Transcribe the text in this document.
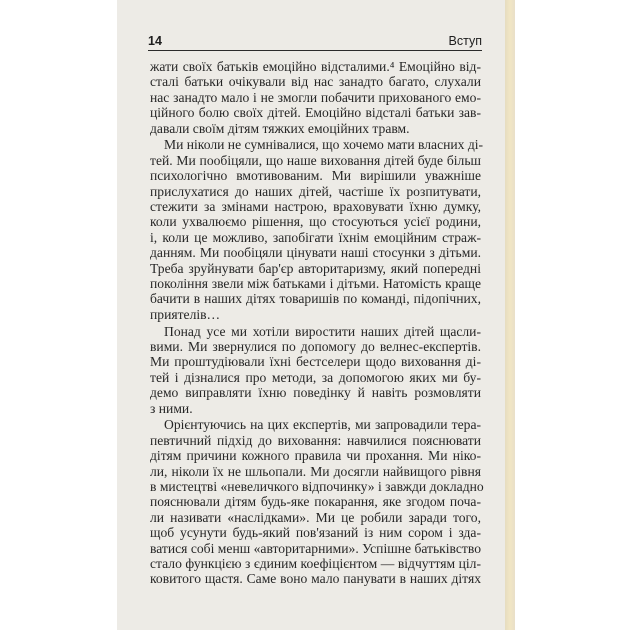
14	Вступ
жати своїх батьків емоційно відсталими.⁴ Емоційно від-
сталі батьки очікували від нас занадто багато, слухали
нас занадто мало і не змогли побачити прихованого емо-
ційного болю своїх дітей. Емоційно відсталі батьки зав-
давали своїм дітям тяжких емоційних травм.
Ми ніколи не сумнівалися, що хочемо мати власних ді-
тей. Ми пообіцяли, що наше виховання дітей буде більш
психологічно вмотивованим. Ми вирішили уважніше
прислухатися до наших дітей, частіше їх розпитувати,
стежити за змінами настрою, враховувати їхню думку,
коли ухвалюємо рішення, що стосуються усієї родини,
і, коли це можливо, запобігати їхнім емоційним страж-
данням. Ми пообіцяли цінувати наші стосунки з дітьми.
Треба зруйнувати бар'єр авторитаризму, який попередні
покоління звели між батьками і дітьми. Натомість краще
бачити в наших дітях товаришів по команді, підопічних,
приятелів…
Понад усе ми хотіли виростити наших дітей щасли-
вими. Ми звернулися по допомогу до велнес-експертів.
Ми проштудіювали їхні бестселери щодо виховання ді-
тей і дізналися про методи, за допомогою яких ми бу-
демо виправляти їхню поведінку й навіть розмовляти
з ними.
Орієнтуючись на цих експертів, ми запровадили тера-
певтичний підхід до виховання: навчилися пояснювати
дітям причини кожного правила чи прохання. Ми ніко-
ли, ніколи їх не шльопали. Ми досягли найвищого рівня
в мистецтві «невеличкого відпочинку» і завжди докладно
пояснювали дітям будь-яке покарання, яке згодом поча-
ли називати «наслідками». Ми це робили заради того,
щоб усунути будь-який пов'язаний із ним сором і зда-
ватися собі менш «авторитарними». Успішне батьківство
стало функцією з єдиним коефіцієнтом — відчуттям ціл-
ковитого щастя. Саме воно мало панувати в наших дітях
